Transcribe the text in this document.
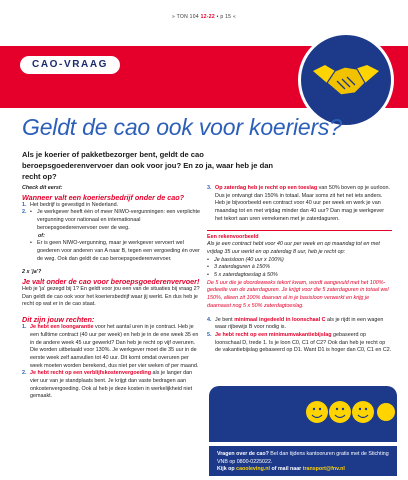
» TON 104 12-22 • p 15 «
CAO-VRAAG
Geldt de cao ook voor koeriers?
Als je koerier of pakketbezorger bent, geldt de cao beroepsgoederenvervoer dan ook voor jou? En zo ja, waar heb je dan recht op?
Check dit eerst:
Wanneer valt een koeriersbedrijf onder de cao?
1. Het bedrijf is gevestigd in Nederland.
2. • Je werkgever heeft één of meer NIWO-vergunningen: een verplichte vergunning voor nationaal en internationaal beroepsgoederenvervoer over de weg.
of:
• Er is geen NIWO-vergunning, maar je werkgever vervoert wel goederen voor anderen van A naar B, tegen een vergoeding én over de weg. Ook dan geldt de cao beroepsgoederenvervoer.
2 x 'ja'?
Je valt onder de cao voor beroepsgoederenvervoer!
Heb je 'ja' gezegd bij 1? En geldt voor jou een van de situaties bij vraag 2? Dan geldt de cao ook voor het koeriersbedrijf waar jij werkt. En dus heb je recht op wat er in de cao staat.
Dit zijn jouw rechten:
1. Je hebt een loongarantie voor het aantal uren in je contract. Heb je een fulltime contract (40 uur per week) en heb je in de ene week 35 en in de andere week 45 uur gewerkt? Dan heb je recht op vijf overuren. Die worden uitbetaald voor 130%. Je werkgever moet die 35 uur in de eerste week zelf aanvullen tot 40 uur. Dit komt omdat overuren per week moeten worden berekend, dus niet per vier weken of per maand.
2. Je hebt recht op een verblijfskostenvergoeding als je langer dan vier uur van je standplaats bent. Je krijgt dan vaste bedragen aan onkostenvergoeding. Ook al heb je deze kosten in werkelijkheid niet gemaakt.
3. Op zaterdag heb je recht op een toeslag van 50% boven op je uurloon. Dus je ontvangt dan 150% in totaal. Maar soms zit het net iets anders. Heb je bijvoorbeeld een contract voor 40 uur per week en werk je van maandag tot en met vrijdag minder dan 40 uur? Dan mag je werkgever het tekort aan uren verrekenen met je zaterdaguren.
Een rekenvoorbeeld
Als je een contract hebt voor 40 uur per week en op maandag tot en met vrijdag 35 uur werkt en op zaterdag 8 uur, heb je recht op:
• Je basisloon (40 uur x 100%)
• 3 zaterdaguren à 150%
• 5 x zaterdagtoeslag à 50%
De 5 uur die je doordeweeks tekort kwam, wordt aangevuld met het 100%-gedeelte van de zaterdaguren. Je krijgt voor die 5 zaterdaguren in totaal wel 150%, alleen zit 100% daarvan al in je basisloon verwerkt en krijg je daarnaast nog 5 x 50% zaterdagtoeslag.
4. Je bent minimaal ingedeeld in loonschaal C als je rijdt in een wagen waar rijbewijs B voor nodig is.
5. Je hebt recht op een minimumvakantiebijslag gebaseerd op loonschaal D, trede 1. Is je loon C0, C1 of C2? Ook dan heb je recht op de vakantiebijslag gebaseerd op D1. Want D1 is hoger dan C0, C1 en C2.
Vragen over de cao? Bel dan tijdens kantooruren gratis met de Stichting VNB op 0800-0225022.
Kijk op caooleving.nl of mail naar transport@fnv.nl
